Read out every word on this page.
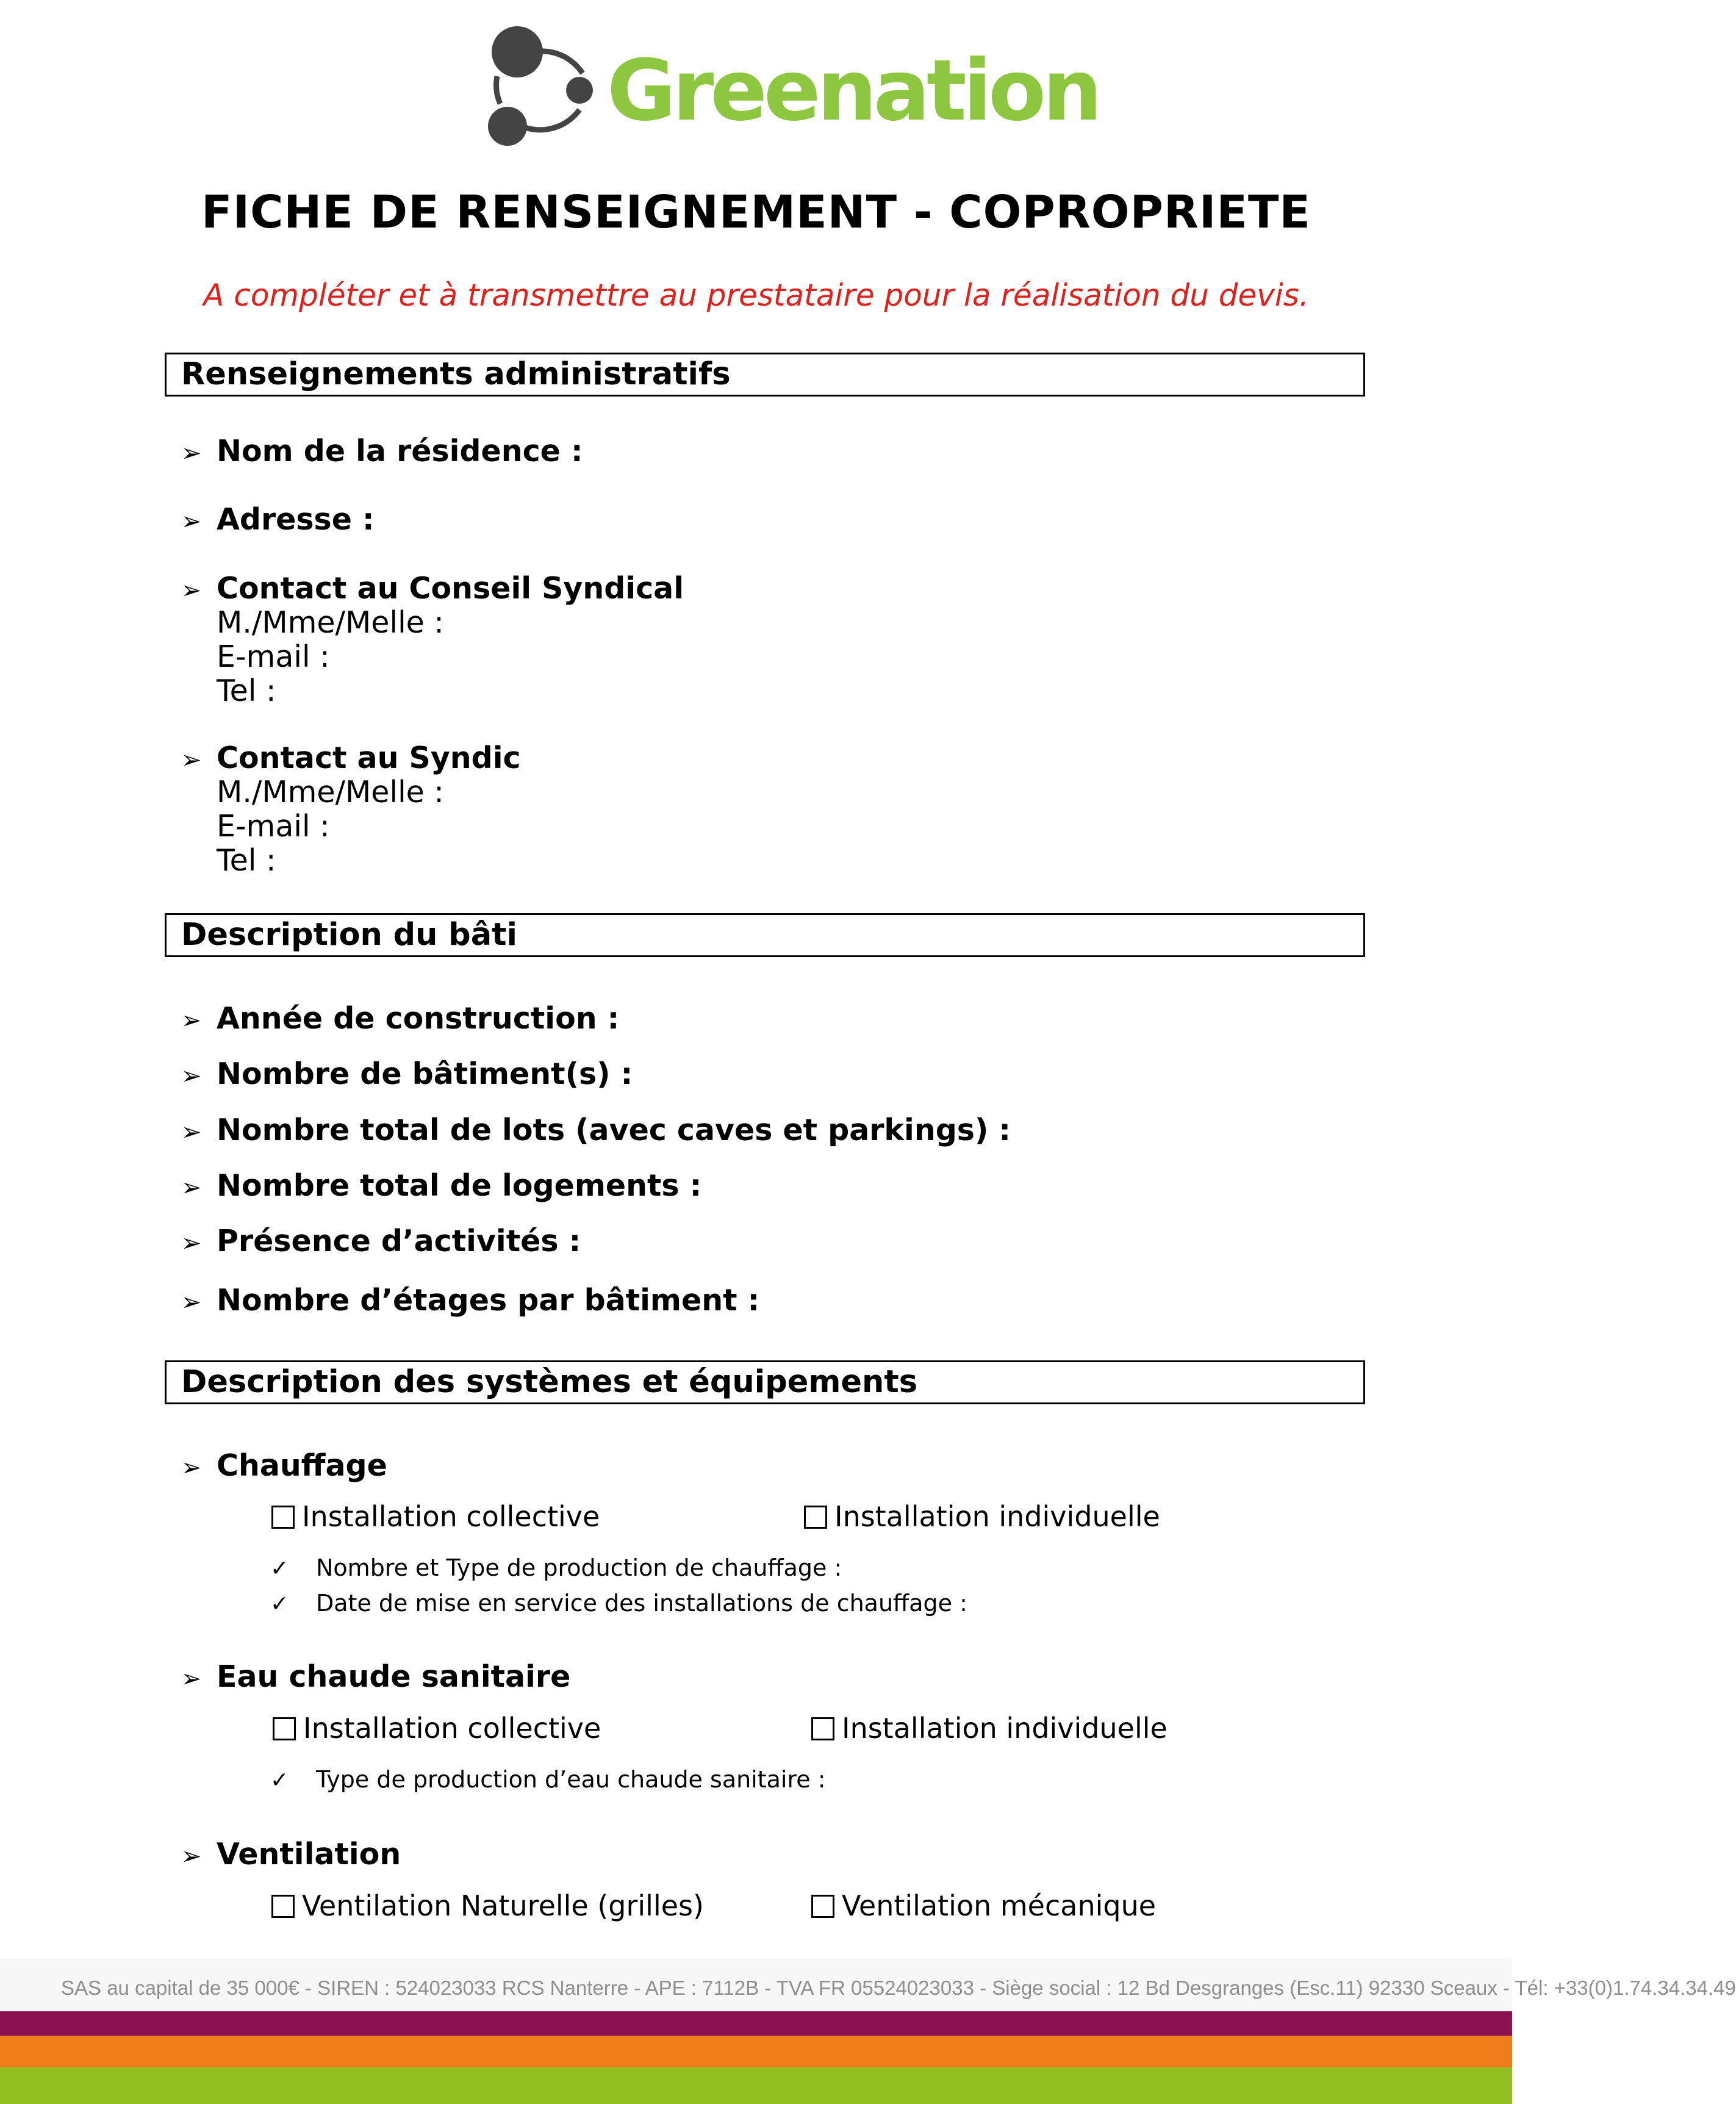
Greenation
FICHE DE RENSEIGNEMENT - COPROPRIETE
A compléter et à transmettre au prestataire pour la réalisation du devis.
Renseignements administratifs
➢ Nom de la résidence :
➢ Adresse :
➢ Contact au Conseil Syndical
M./Mme/Melle :
E-mail :
Tel :
➢ Contact au Syndic
M./Mme/Melle :
E-mail :
Tel :
Description du bâti
➢ Année de construction :
➢ Nombre de bâtiment(s) :
➢ Nombre total de lots (avec caves et parkings) :
➢ Nombre total de logements :
➢ Présence d’activités :
➢ Nombre d’étages par bâtiment :
Description des systèmes et équipements
➢ Chauffage
Installation collective	Installation individuelle
✓ Nombre et Type de production de chauffage :
✓ Date de mise en service des installations de chauffage :
➢ Eau chaude sanitaire
Installation collective	Installation individuelle
✓ Type de production d’eau chaude sanitaire :
➢ Ventilation
Ventilation Naturelle (grilles)	Ventilation mécanique
SAS au capital de 35 000€ - SIREN : 524023033 RCS Nanterre - APE : 7112B - TVA FR 05524023033 - Siège social : 12 Bd Desgranges (Esc.11) 92330 Sceaux - Tél: +33(0)1.74.34.34.49
